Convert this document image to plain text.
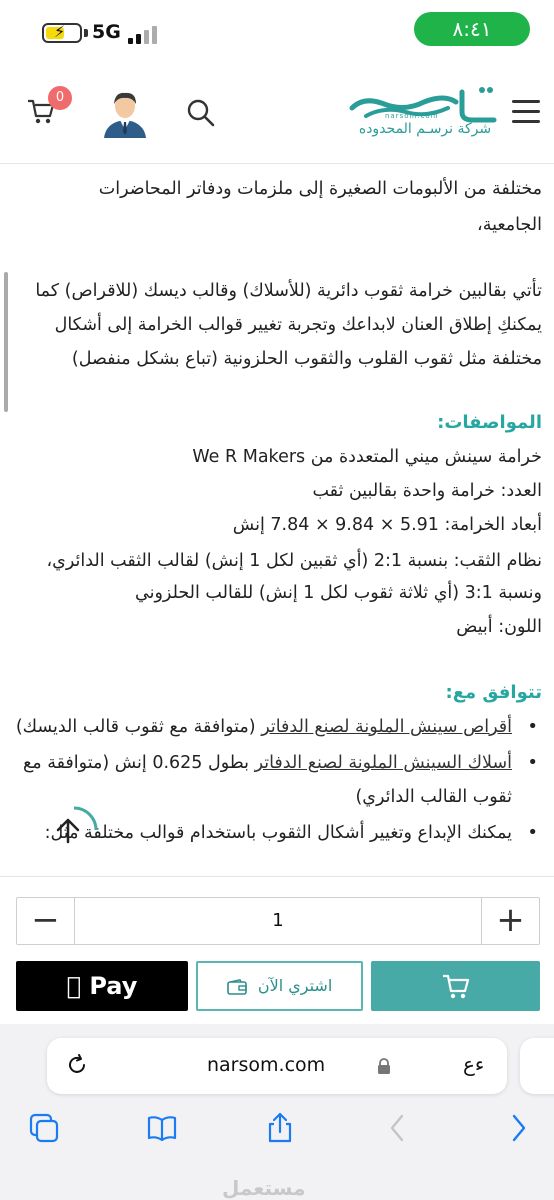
⚡ 5G	٨:٤١
0
narsom.com
شركة نرسـم المحدوده
مختلفة من الألبومات الصغيرة إلى ملزمات ودفاتر المحاضرات
الجامعية،
تأتي بقالبين خرامة ثقوب دائرية (للأسلاك) وقالب ديسك (للاقراص) كما
يمكنكِ إطلاق العنان لابداعك وتجربة تغيير قوالب الخرامة إلى أشكال
مختلفة مثل ثقوب القلوب والثقوب الحلزونية (تباع بشكل منفصل)
المواصفات:
خرامة سينش ميني المتعددة من We R Makers
العدد: خرامة واحدة بقالبين ثقب
أبعاد الخرامة: 5.91 × 9.84 × 7.84 إنش
نظام الثقب: بنسبة 2:1 (أي ثقبين لكل 1 إنش) لقالب الثقب الدائري،
ونسبة 3:1 (أي ثلاثة ثقوب لكل 1 إنش) للقالب الحلزوني
اللون: أبيض
تتوافق مع:
• أقراص سينش الملونة لصنع الدفاتر (متوافقة مع ثقوب قالب الديسك)
• أسلاك السينش الملونة لصنع الدفاتر بطول 0.625 إنش (متوافقة مع ثقوب القالب الدائري)
• يمكنك الإبداع وتغيير أشكال الثقوب باستخدام قوالب مختلفة مثل:
−	1	+
Pay	اشتري الآن
narsom.com	ءع
مستعمل
